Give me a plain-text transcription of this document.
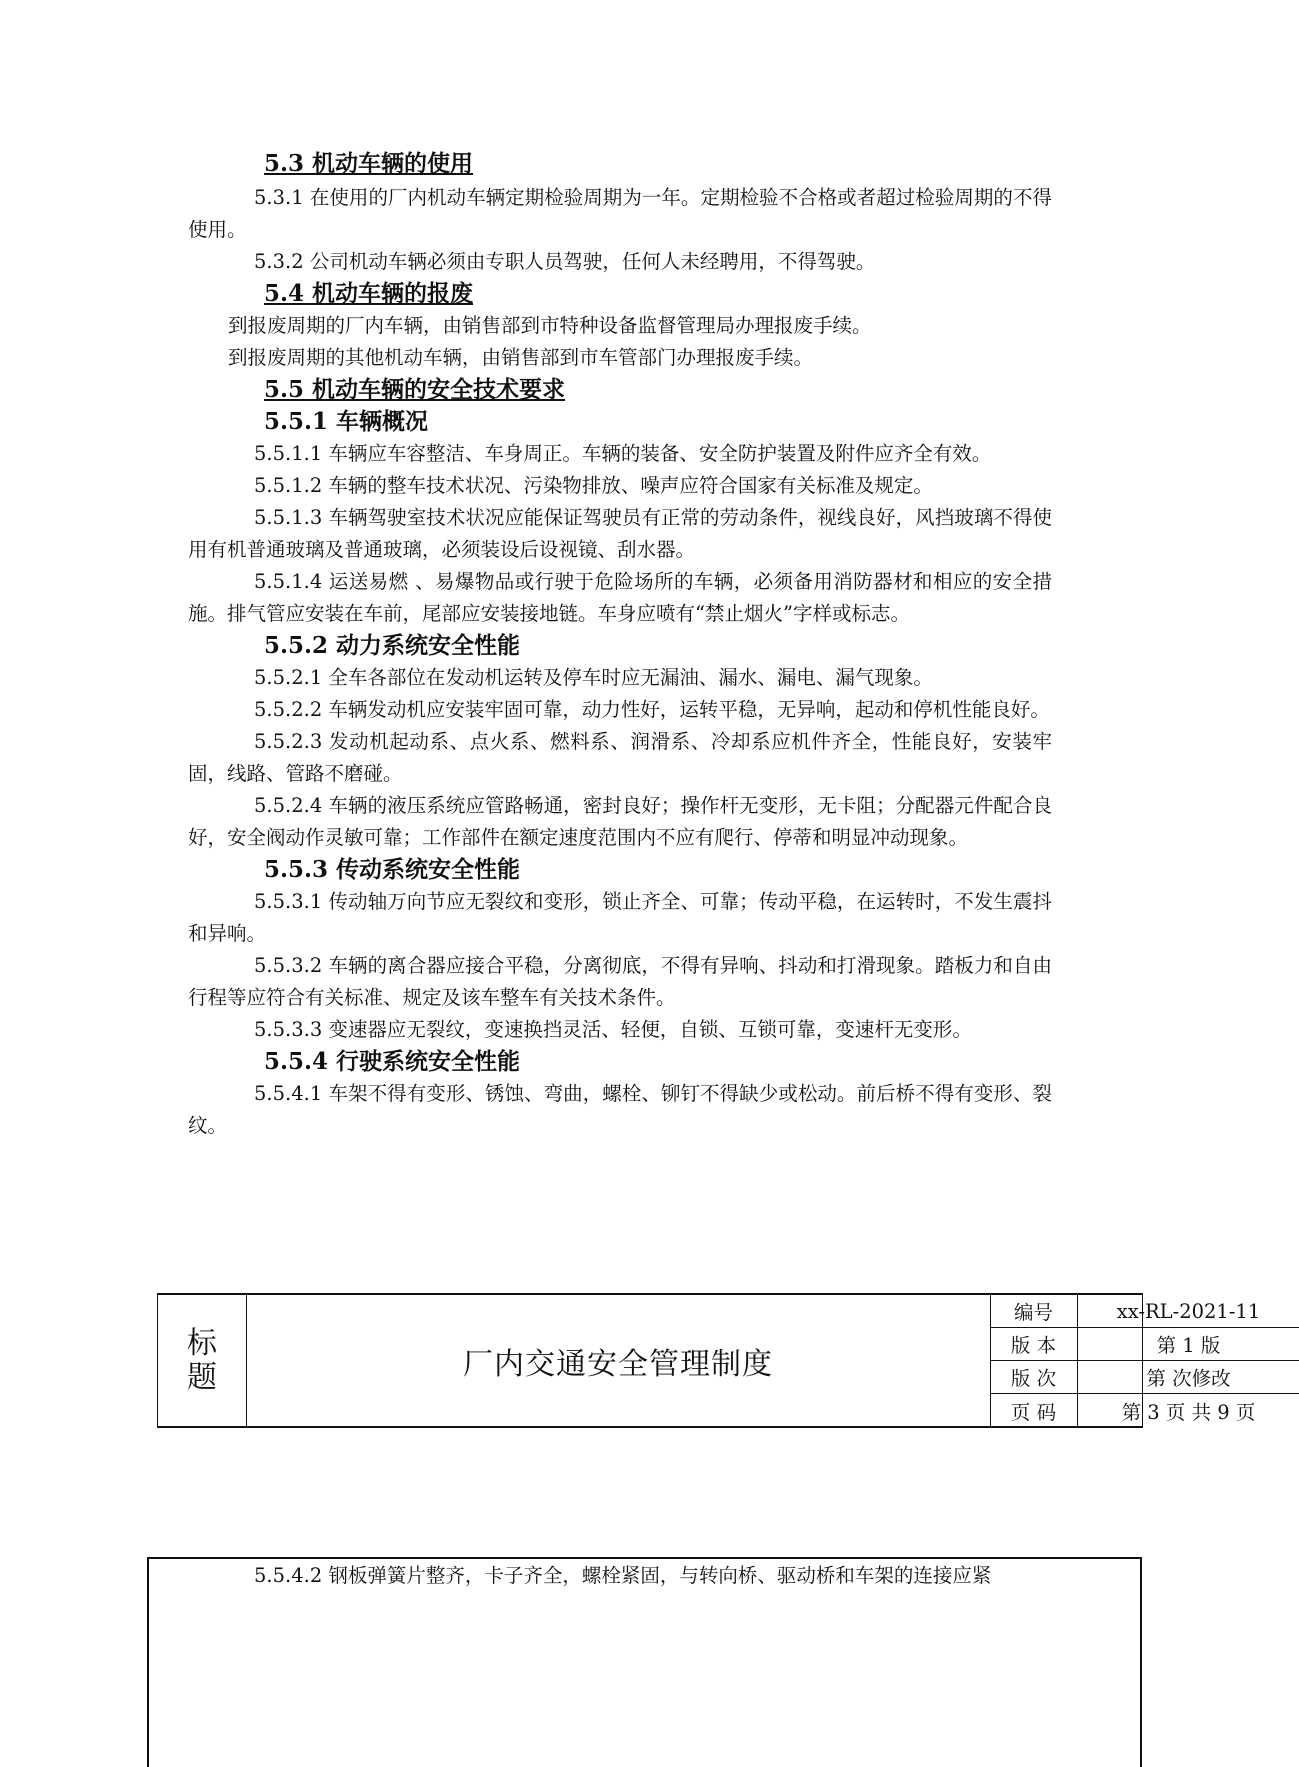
5.3 机动车辆的使用
5.3.1 在使用的厂内机动车辆定期检验周期为一年。定期检验不合格或者超过检验周期的不得使用。
5.3.2 公司机动车辆必须由专职人员驾驶，任何人未经聘用，不得驾驶。
5.4 机动车辆的报废
到报废周期的厂内车辆，由销售部到市特种设备监督管理局办理报废手续。
到报废周期的其他机动车辆，由销售部到市车管部门办理报废手续。
5.5 机动车辆的安全技术要求
5.5.1 车辆概况
5.5.1.1 车辆应车容整洁、车身周正。车辆的装备、安全防护装置及附件应齐全有效。
5.5.1.2 车辆的整车技术状况、污染物排放、噪声应符合国家有关标准及规定。
5.5.1.3 车辆驾驶室技术状况应能保证驾驶员有正常的劳动条件，视线良好，风挡玻璃不得使用有机普通玻璃及普通玻璃，必须装设后设视镜、刮水器。
5.5.1.4 运送易燃 、易爆物品或行驶于危险场所的车辆，必须备用消防器材和相应的安全措施。排气管应安装在车前，尾部应安装接地链。车身应喷有“禁止烟火”字样或标志。
5.5.2 动力系统安全性能
5.5.2.1 全车各部位在发动机运转及停车时应无漏油、漏水、漏电、漏气现象。
5.5.2.2 车辆发动机应安装牢固可靠，动力性好，运转平稳，无异响，起动和停机性能良好。
5.5.2.3 发动机起动系、点火系、燃料系、润滑系、冷却系应机件齐全，性能良好，安装牢固，线路、管路不磨碰。
5.5.2.4 车辆的液压系统应管路畅通，密封良好；操作杆无变形，无卡阻；分配器元件配合良好，安全阀动作灵敏可靠；工作部件在额定速度范围内不应有爬行、停蒂和明显冲动现象。
5.5.3 传动系统安全性能
5.5.3.1 传动轴万向节应无裂纹和变形，锁止齐全、可靠；传动平稳，在运转时，不发生震抖和异响。
5.5.3.2 车辆的离合器应接合平稳，分离彻底，不得有异响、抖动和打滑现象。踏板力和自由行程等应符合有关标准、规定及该车整车有关技术条件。
5.5.3.3 变速器应无裂纹，变速换挡灵活、轻便，自锁、互锁可靠，变速杆无变形。
5.5.4 行驶系统安全性能
5.5.4.1 车架不得有变形、锈蚀、弯曲，螺栓、铆钉不得缺少或松动。前后桥不得有变形、裂纹。
标
题	厂内交通安全管理制度
编号	xx-RL-2021-11
版 本	第 1 版
版 次	第 次修改
页 码	第 3 页 共 9 页
5.5.4.2 钢板弹簧片整齐，卡子齐全，螺栓紧固，与转向桥、驱动桥和车架的连接应紧
